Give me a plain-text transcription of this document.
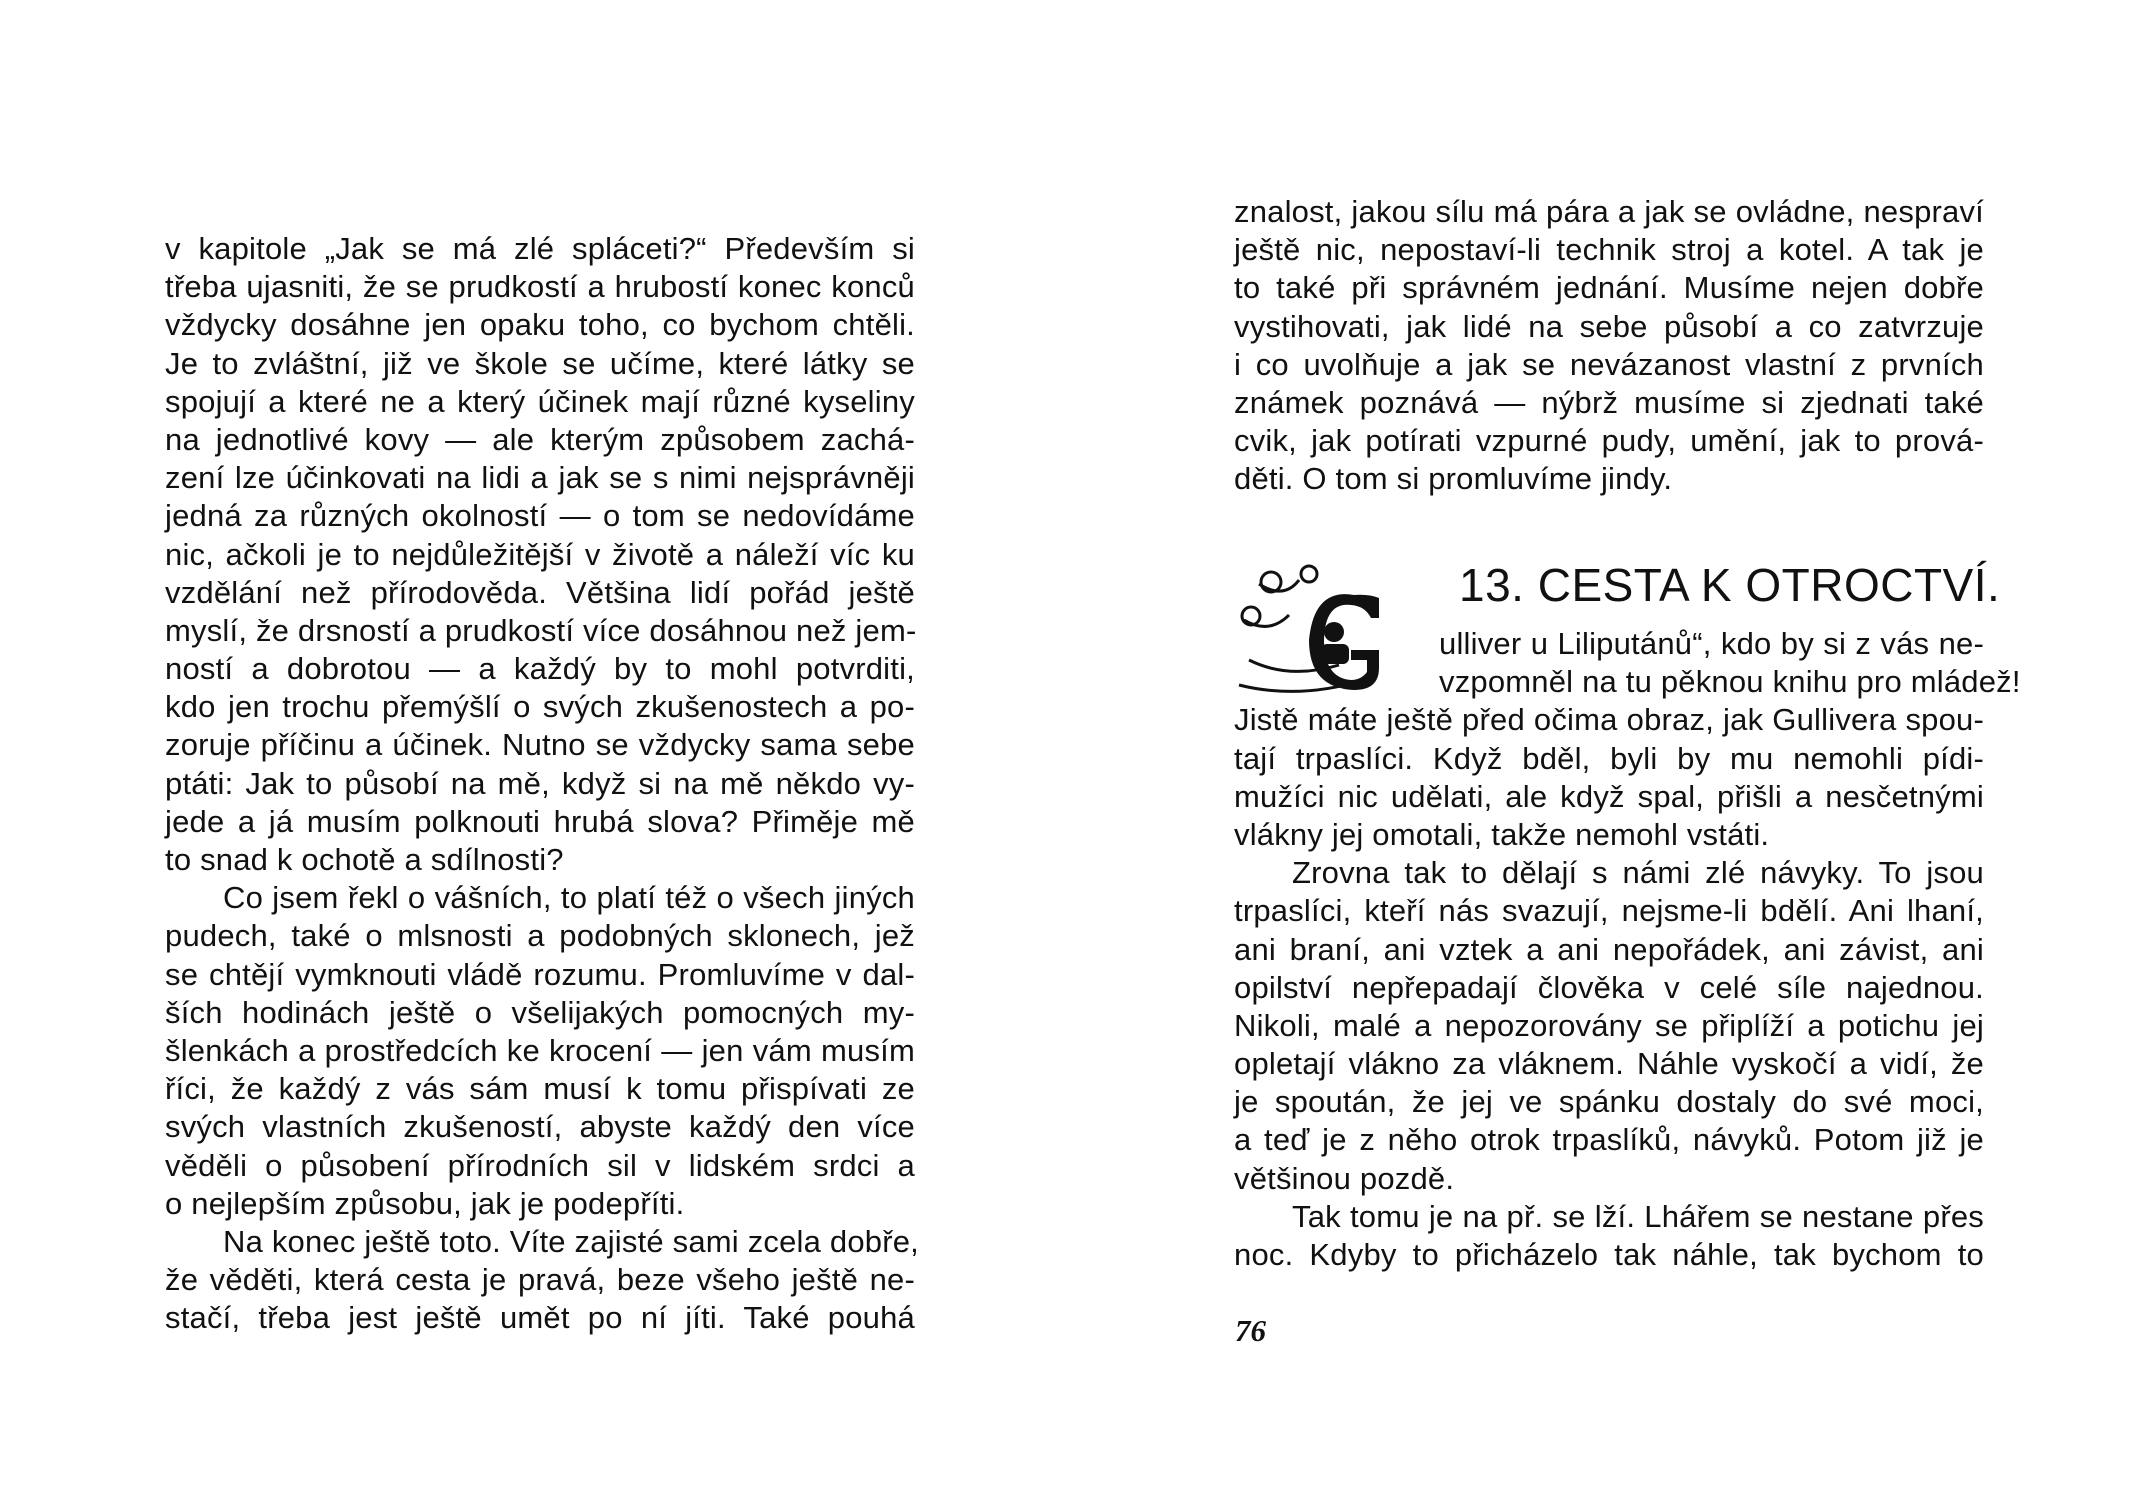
v kapitole „Jak se má zlé spláceti?“ Především si
třeba ujasniti, že se prudkostí a hrubostí konec konců
vždycky dosáhne jen opaku toho, co bychom chtěli.
Je to zvláštní, již ve škole se učíme, které látky se
spojují a které ne a který účinek mají různé kyseliny
na jednotlivé kovy — ale kterým způsobem zachá-
zení lze účinkovati na lidi a jak se s nimi nejsprávněji
jedná za různých okolností — o tom se nedovídáme
nic, ačkoli je to nejdůležitější v životě a náleží víc ku
vzdělání než přírodověda. Většina lidí pořád ještě
myslí, že drsností a prudkostí více dosáhnou než jem-
ností a dobrotou — a každý by to mohl potvrditi,
kdo jen trochu přemýšlí o svých zkušenostech a po-
zoruje příčinu a účinek. Nutno se vždycky sama sebe
ptáti: Jak to působí na mě, když si na mě někdo vy-
jede a já musím polknouti hrubá slova? Přiměje mě
to snad k ochotě a sdílnosti?
Co jsem řekl o vášních, to platí též o všech jiných
pudech, také o mlsnosti a podobných sklonech, jež
se chtějí vymknouti vládě rozumu. Promluvíme v dal-
ších hodinách ještě o všelijakých pomocných my-
šlenkách a prostředcích ke krocení — jen vám musím
říci, že každý z vás sám musí k tomu přispívati ze
svých vlastních zkušeností, abyste každý den více
věděli o působení přírodních sil v lidském srdci a
o nejlepším způsobu, jak je podepříti.
Na konec ještě toto. Víte zajisté sami zcela dobře,
že věděti, která cesta je pravá, beze všeho ještě ne-
stačí, třeba jest ještě umět po ní jíti. Také pouhá
znalost, jakou sílu má pára a jak se ovládne, nespraví
ještě nic, nepostaví-li technik stroj a kotel. A tak je
to také při správném jednání. Musíme nejen dobře
vystihovati, jak lidé na sebe působí a co zatvrzuje
i co uvolňuje a jak se nevázanost vlastní z prvních
známek poznává — nýbrž musíme si zjednati také
cvik, jak potírati vzpurné pudy, umění, jak to prová-
děti. O tom si promluvíme jindy.
13. CESTA K OTROCTVÍ.
ulliver u Liliputánů“, kdo by si z vás ne-
vzpomněl na tu pěknou knihu pro mládež!
Jistě máte ještě před očima obraz, jak Gullivera spou-
tají trpaslíci. Když bděl, byli by mu nemohli pídi-
mužíci nic udělati, ale když spal, přišli a nesčetnými
vlákny jej omotali, takže nemohl vstáti.
Zrovna tak to dělají s námi zlé návyky. To jsou
trpaslíci, kteří nás svazují, nejsme-li bdělí. Ani lhaní,
ani braní, ani vztek a ani nepořádek, ani závist, ani
opilství nepřepadají člověka v celé síle najednou.
Nikoli, malé a nepozorovány se připlíží a potichu jej
opletají vlákno za vláknem. Náhle vyskočí a vidí, že
je spoután, že jej ve spánku dostaly do své moci,
a teď je z něho otrok trpaslíků, návyků. Potom již je
většinou pozdě.
Tak tomu je na př. se lží. Lhářem se nestane přes
noc. Kdyby to přicházelo tak náhle, tak bychom to
76
